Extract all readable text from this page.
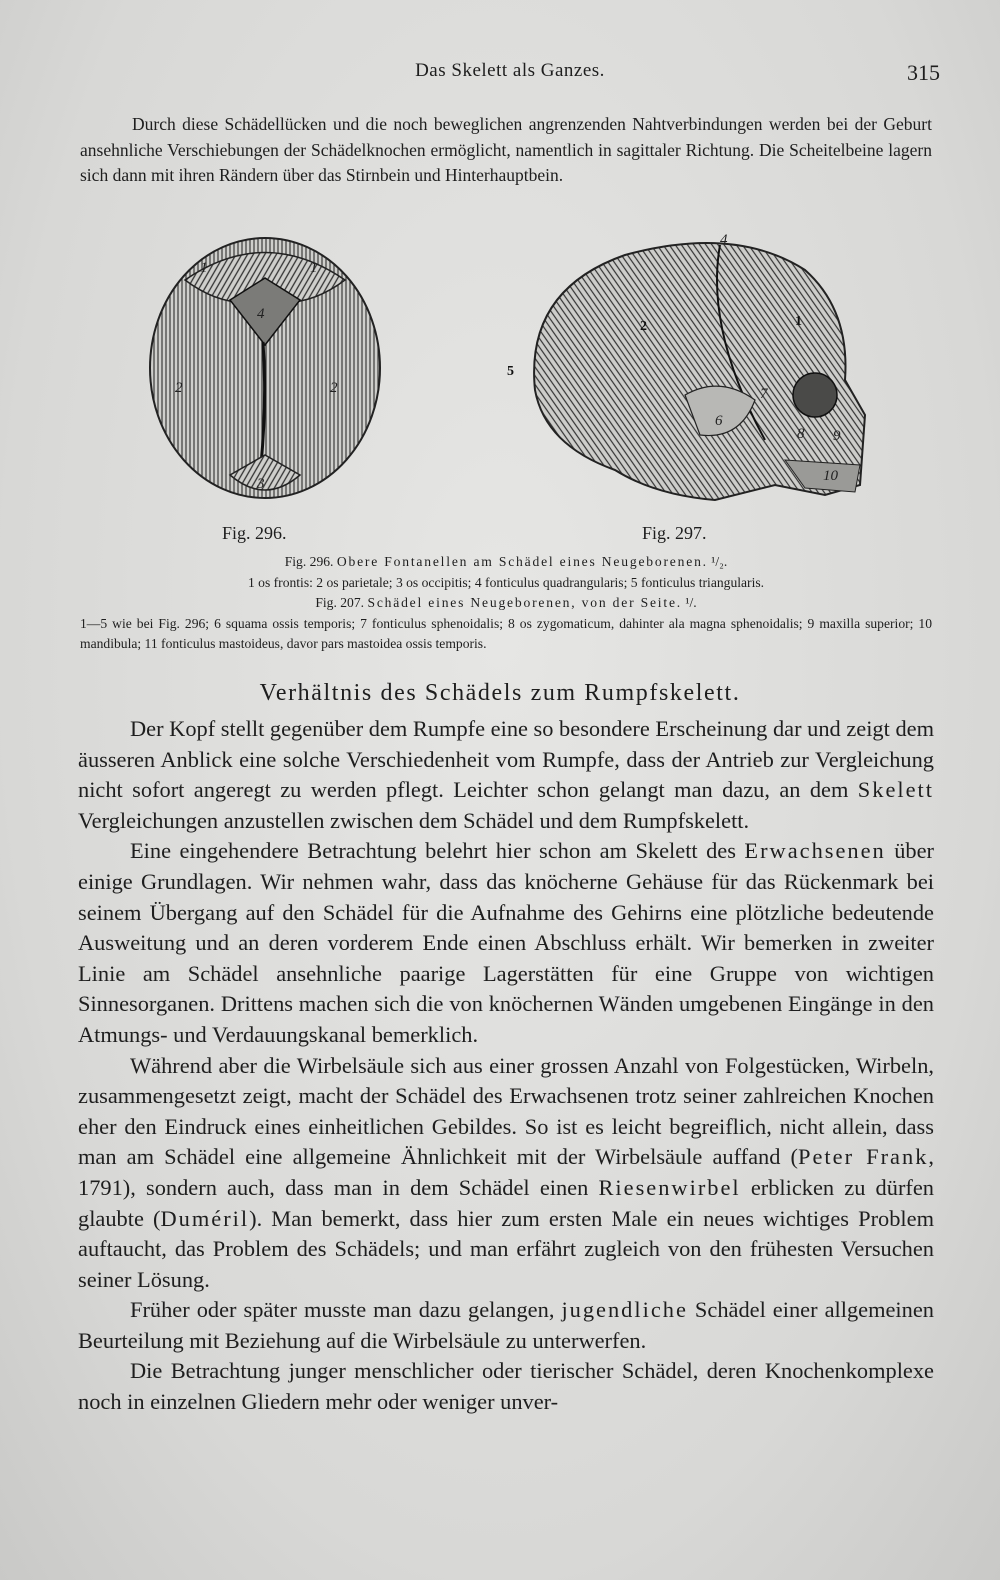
Das Skelett als Ganzes.	315

Durch diese Schädellücken und die noch beweglichen angrenzenden Nahtverbindungen werden bei der Geburt ansehnliche Verschiebungen der Schädelknochen ermöglicht, namentlich in sagittaler Richtung. Die Scheitelbeine lagern sich dann mit ihren Rändern über das Stirnbein und Hinterhauptbein.

1	1
4
2	2
3
4
2	1
5
7
6
8 9
10
Fig. 296.	Fig. 297.
Fig. 296. Obere Fontanellen am Schädel eines Neugeborenen. ¹/₂.
1 os frontis: 2 os parietale; 3 os occipitis; 4 fonticulus quadrangularis; 5 fonticulus triangularis.
Fig. 207. Schädel eines Neugeborenen, von der Seite. ¹/.
1—5 wie bei Fig. 296; 6 squama ossis temporis; 7 fonticulus sphenoidalis; 8 os zygomaticum, dahinter ala magna sphenoidalis; 9 maxilla superior; 10 mandibula; 11 fonticulus mastoideus, davor pars mastoidea ossis temporis.
Verhältnis des Schädels zum Rumpfskelett.

Der Kopf stellt gegenüber dem Rumpfe eine so besondere Erscheinung dar und zeigt dem äusseren Anblick eine solche Verschiedenheit vom Rumpfe, dass der Antrieb zur Vergleichung nicht sofort angeregt zu werden pflegt. Leichter schon gelangt man dazu, an dem Skelett Vergleichungen anzustellen zwischen dem Schädel und dem Rumpfskelett.

Eine eingehendere Betrachtung belehrt hier schon am Skelett des Erwachsenen über einige Grundlagen. Wir nehmen wahr, dass das knöcherne Gehäuse für das Rückenmark bei seinem Übergang auf den Schädel für die Aufnahme des Gehirns eine plötzliche bedeutende Ausweitung und an deren vorderem Ende einen Abschluss erhält. Wir bemerken in zweiter Linie am Schädel ansehnliche paarige Lagerstätten für eine Gruppe von wichtigen Sinnesorganen. Drittens machen sich die von knöchernen Wänden umgebenen Eingänge in den Atmungs- und Verdauungskanal bemerklich.

Während aber die Wirbelsäule sich aus einer grossen Anzahl von Folgestücken, Wirbeln, zusammengesetzt zeigt, macht der Schädel des Erwachsenen trotz seiner zahlreichen Knochen eher den Eindruck eines einheitlichen Gebildes. So ist es leicht begreiflich, nicht allein, dass man am Schädel eine allgemeine Ähnlichkeit mit der Wirbelsäule auffand (Peter Frank, 1791), sondern auch, dass man in dem Schädel einen Riesenwirbel erblicken zu dürfen glaubte (Duméril). Man bemerkt, dass hier zum ersten Male ein neues wichtiges Problem auftaucht, das Problem des Schädels; und man erfährt zugleich von den frühesten Versuchen seiner Lösung.

Früher oder später musste man dazu gelangen, jugendliche Schädel einer allgemeinen Beurteilung mit Beziehung auf die Wirbelsäule zu unterwerfen.

Die Betrachtung junger menschlicher oder tierischer Schädel, deren Knochenkomplexe noch in einzelnen Gliedern mehr oder weniger unver-
